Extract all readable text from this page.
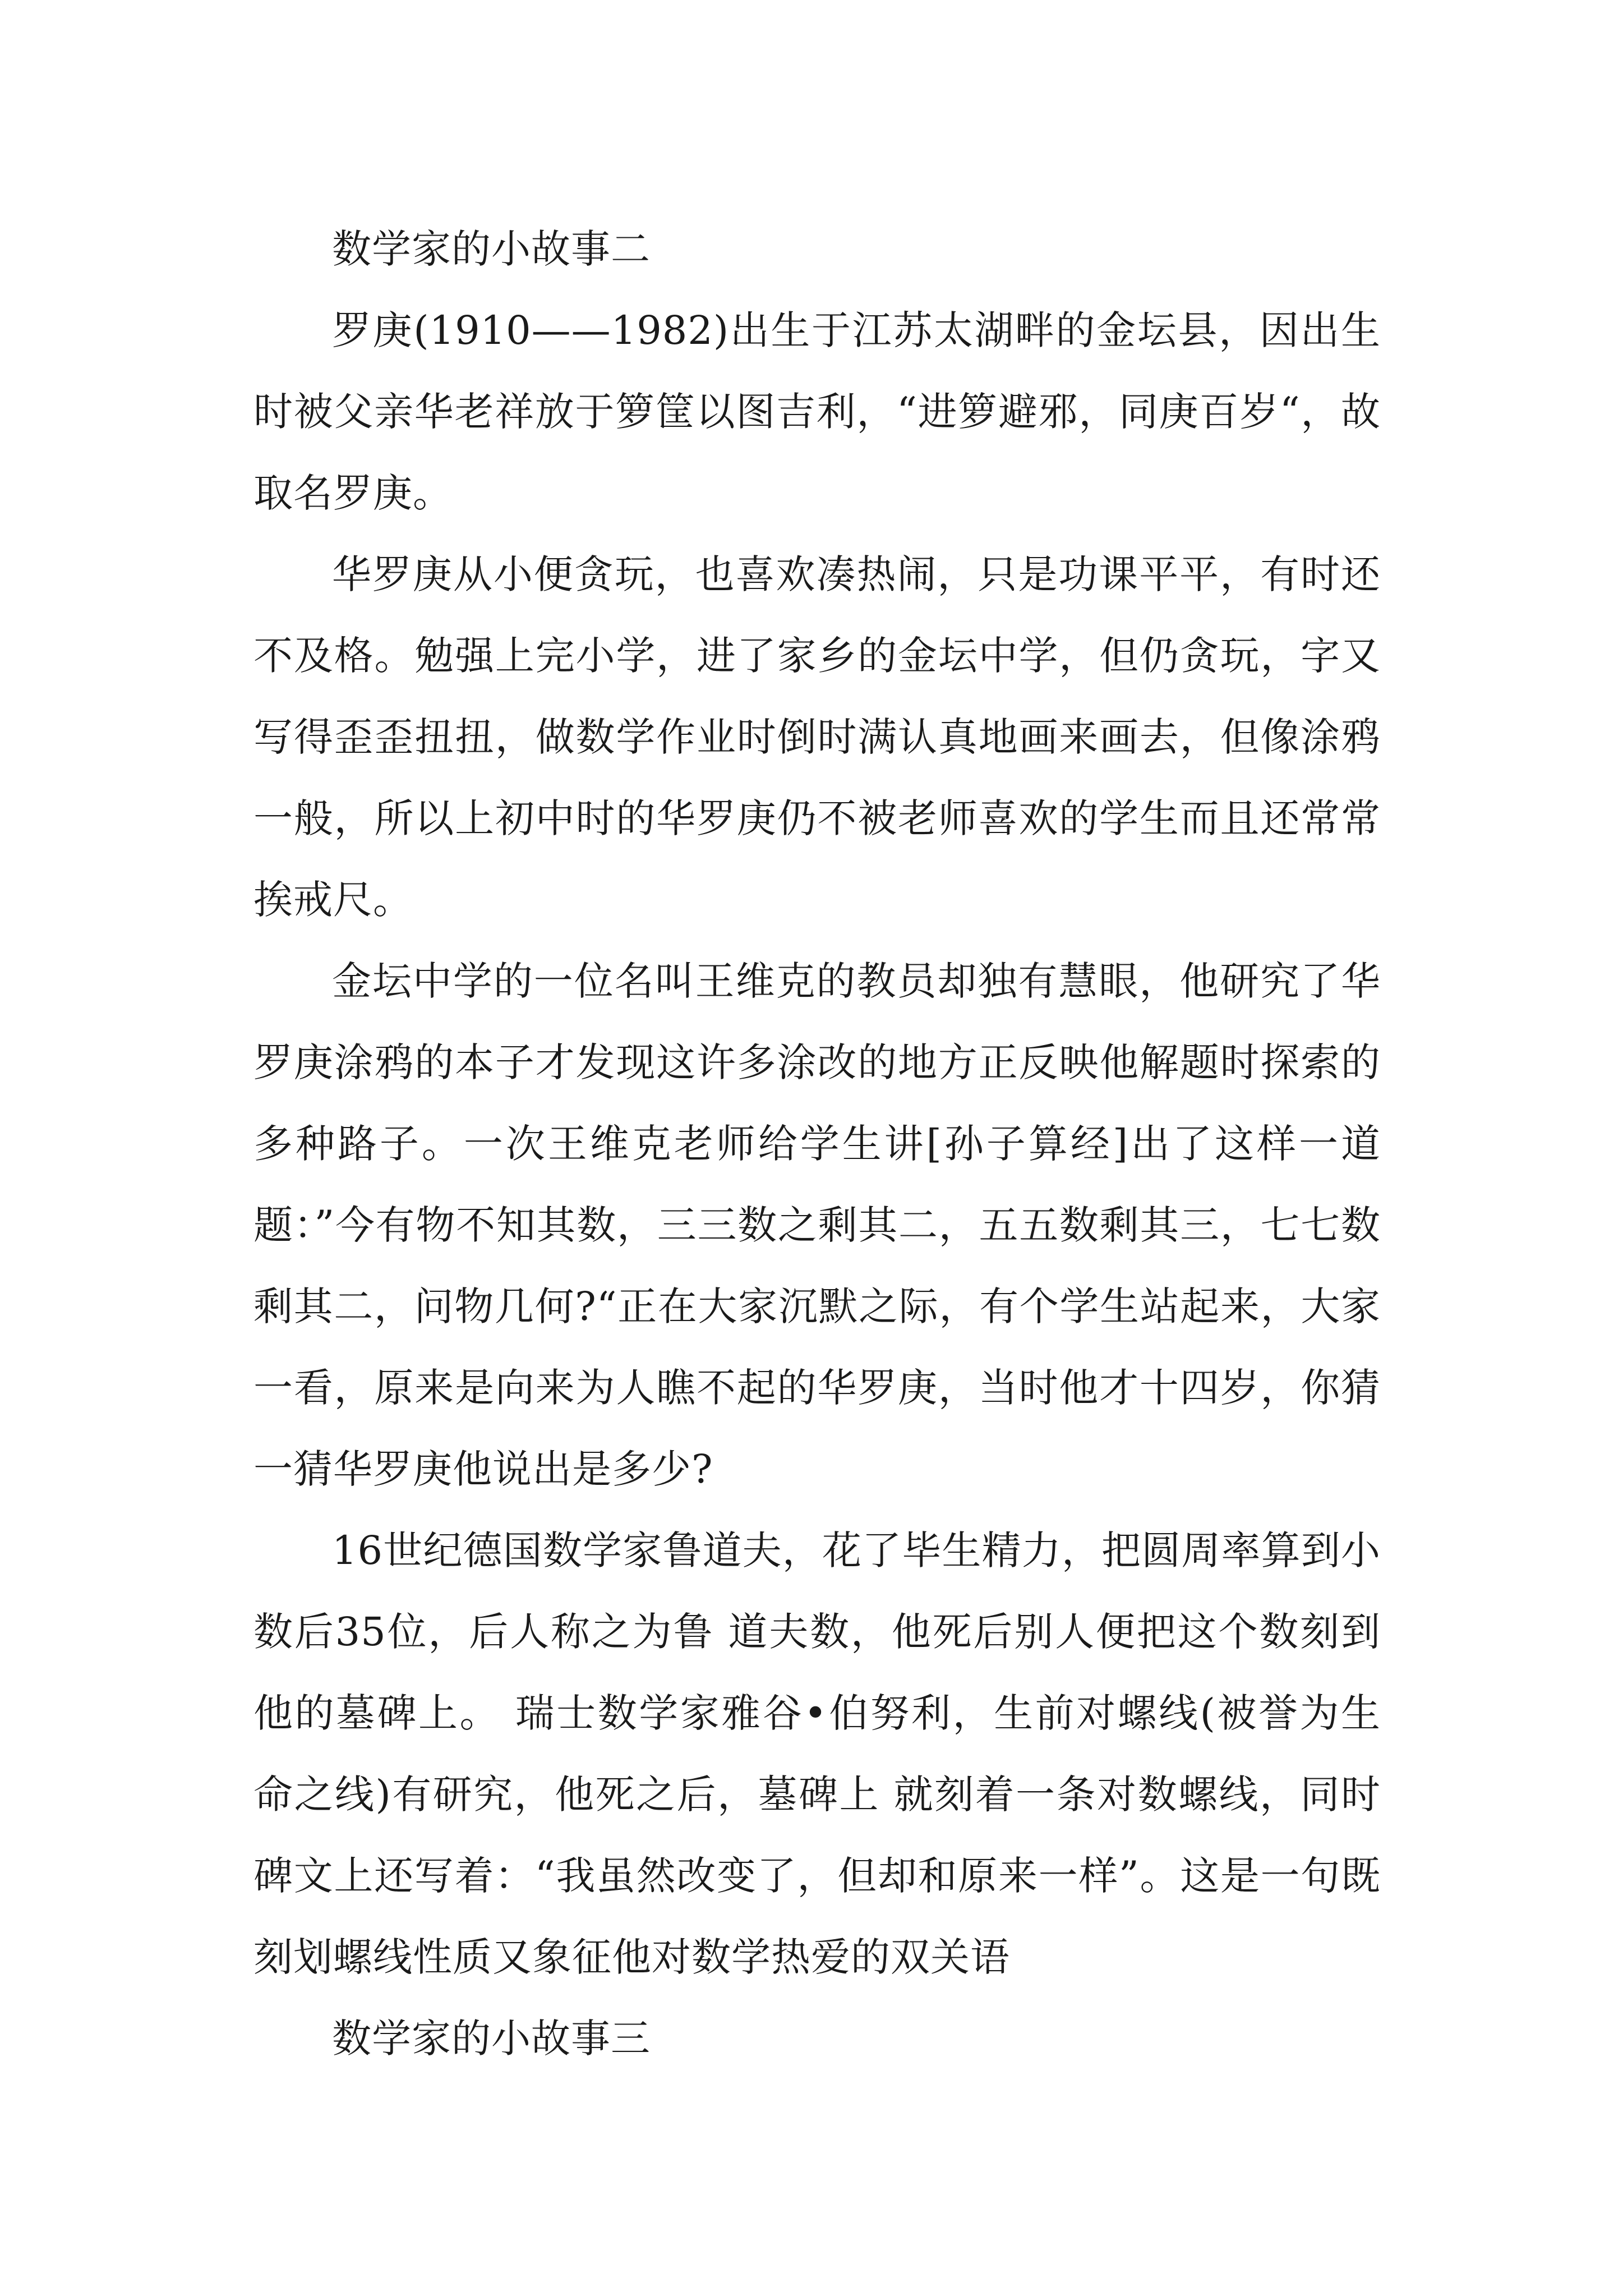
数学家的小故事二

罗庚(1910——1982)出生于江苏太湖畔的金坛县，因出生时被父亲华老祥放于箩筐以图吉利，“进箩避邪，同庚百岁“，故取名罗庚。

华罗庚从小便贪玩，也喜欢凑热闹，只是功课平平，有时还不及格。勉强上完小学，进了家乡的金坛中学，但仍贪玩，字又写得歪歪扭扭，做数学作业时倒时满认真地画来画去，但像涂鸦一般，所以上初中时的华罗庚仍不被老师喜欢的学生而且还常常挨戒尺。

金坛中学的一位名叫王维克的教员却独有慧眼，他研究了华罗庚涂鸦的本子才发现这许多涂改的地方正反映他解题时探索的多种路子。一次王维克老师给学生讲[孙子算经]出了这样一道题：”今有物不知其数，三三数之剩其二，五五数剩其三，七七数剩其二，问物几何?“正在大家沉默之际，有个学生站起来，大家一看，原来是向来为人瞧不起的华罗庚，当时他才十四岁，你猜一猜华罗庚他说出是多少?

16世纪德国数学家鲁道夫，花了毕生精力，把圆周率算到小数后35位，后人称之为鲁 道夫数，他死后别人便把这个数刻到他的墓碑上。 瑞士数学家雅谷•伯努利，生前对螺线(被誉为生命之线)有研究，他死之后，墓碑上 就刻着一条对数螺线，同时碑文上还写着：“我虽然改变了，但却和原来一样”。这是一句既刻划螺线性质又象征他对数学热爱的双关语

数学家的小故事三
